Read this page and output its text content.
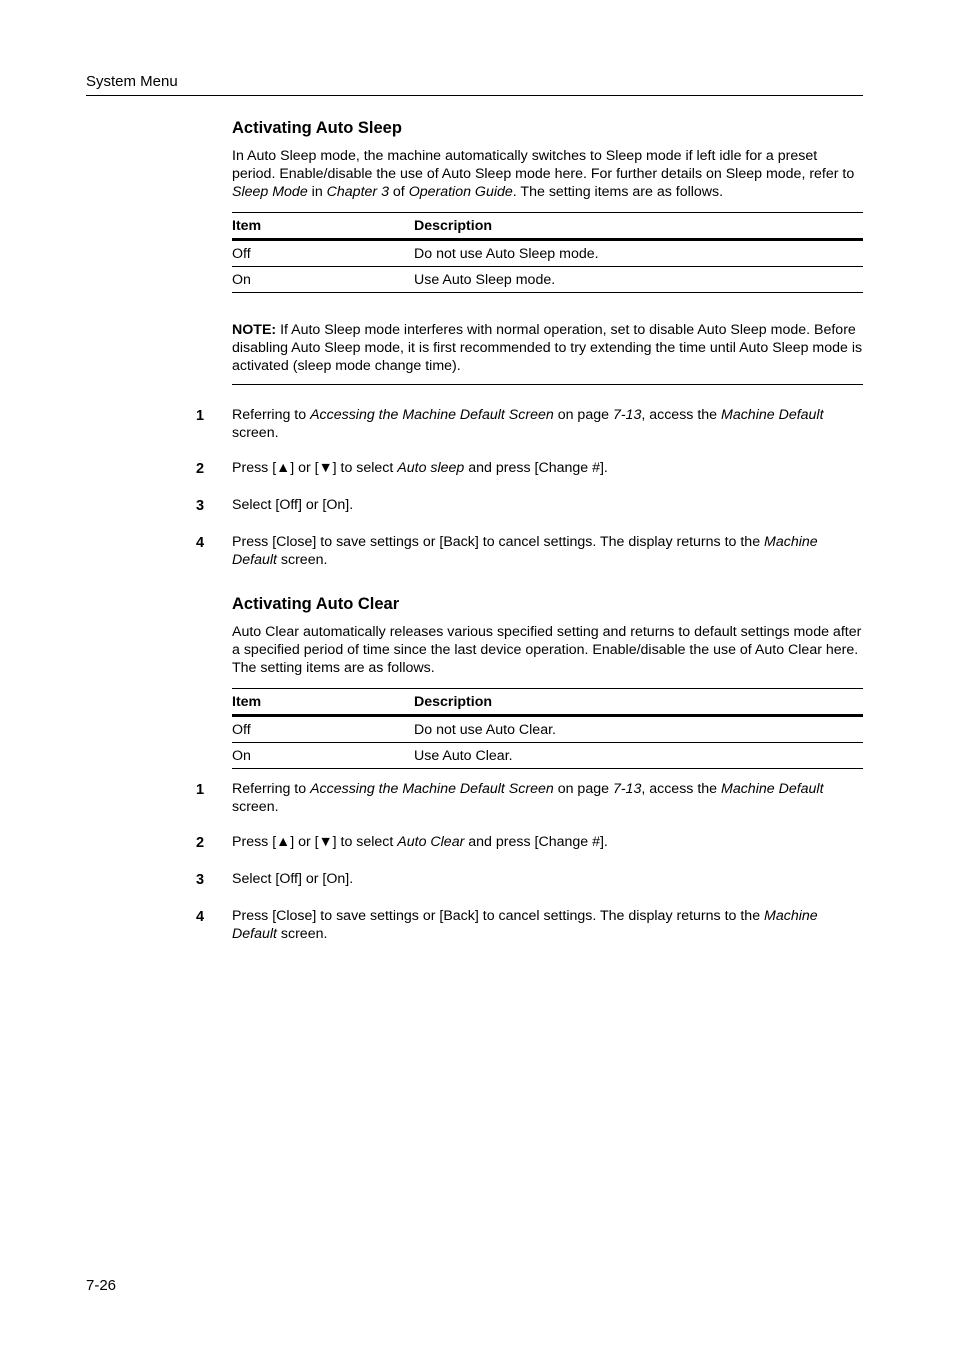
System Menu
Activating Auto Sleep

In Auto Sleep mode, the machine automatically switches to Sleep mode if left idle for a preset period. Enable/disable the use of Auto Sleep mode here. For further details on Sleep mode, refer to Sleep Mode in Chapter 3 of Operation Guide. The setting items are as follows.

Item	Description
Off	Do not use Auto Sleep mode.
On	Use Auto Sleep mode.
NOTE: If Auto Sleep mode interferes with normal operation, set to disable Auto Sleep mode. Before disabling Auto Sleep mode, it is first recommended to try extending the time until Auto Sleep mode is activated (sleep mode change time).
1 Referring to Accessing the Machine Default Screen on page 7-13, access the Machine Default screen.
2 Press [▲] or [▼] to select Auto sleep and press [Change #].
3 Select [Off] or [On].
4 Press [Close] to save settings or [Back] to cancel settings. The display returns to the Machine Default screen.
Activating Auto Clear

Auto Clear automatically releases various specified setting and returns to default settings mode after a specified period of time since the last device operation. Enable/disable the use of Auto Clear here. The setting items are as follows.

Item	Description
Off	Do not use Auto Clear.
On	Use Auto Clear.
1 Referring to Accessing the Machine Default Screen on page 7-13, access the Machine Default screen.
2 Press [▲] or [▼] to select Auto Clear and press [Change #].
3 Select [Off] or [On].
4 Press [Close] to save settings or [Back] to cancel settings. The display returns to the Machine Default screen.
7-26
